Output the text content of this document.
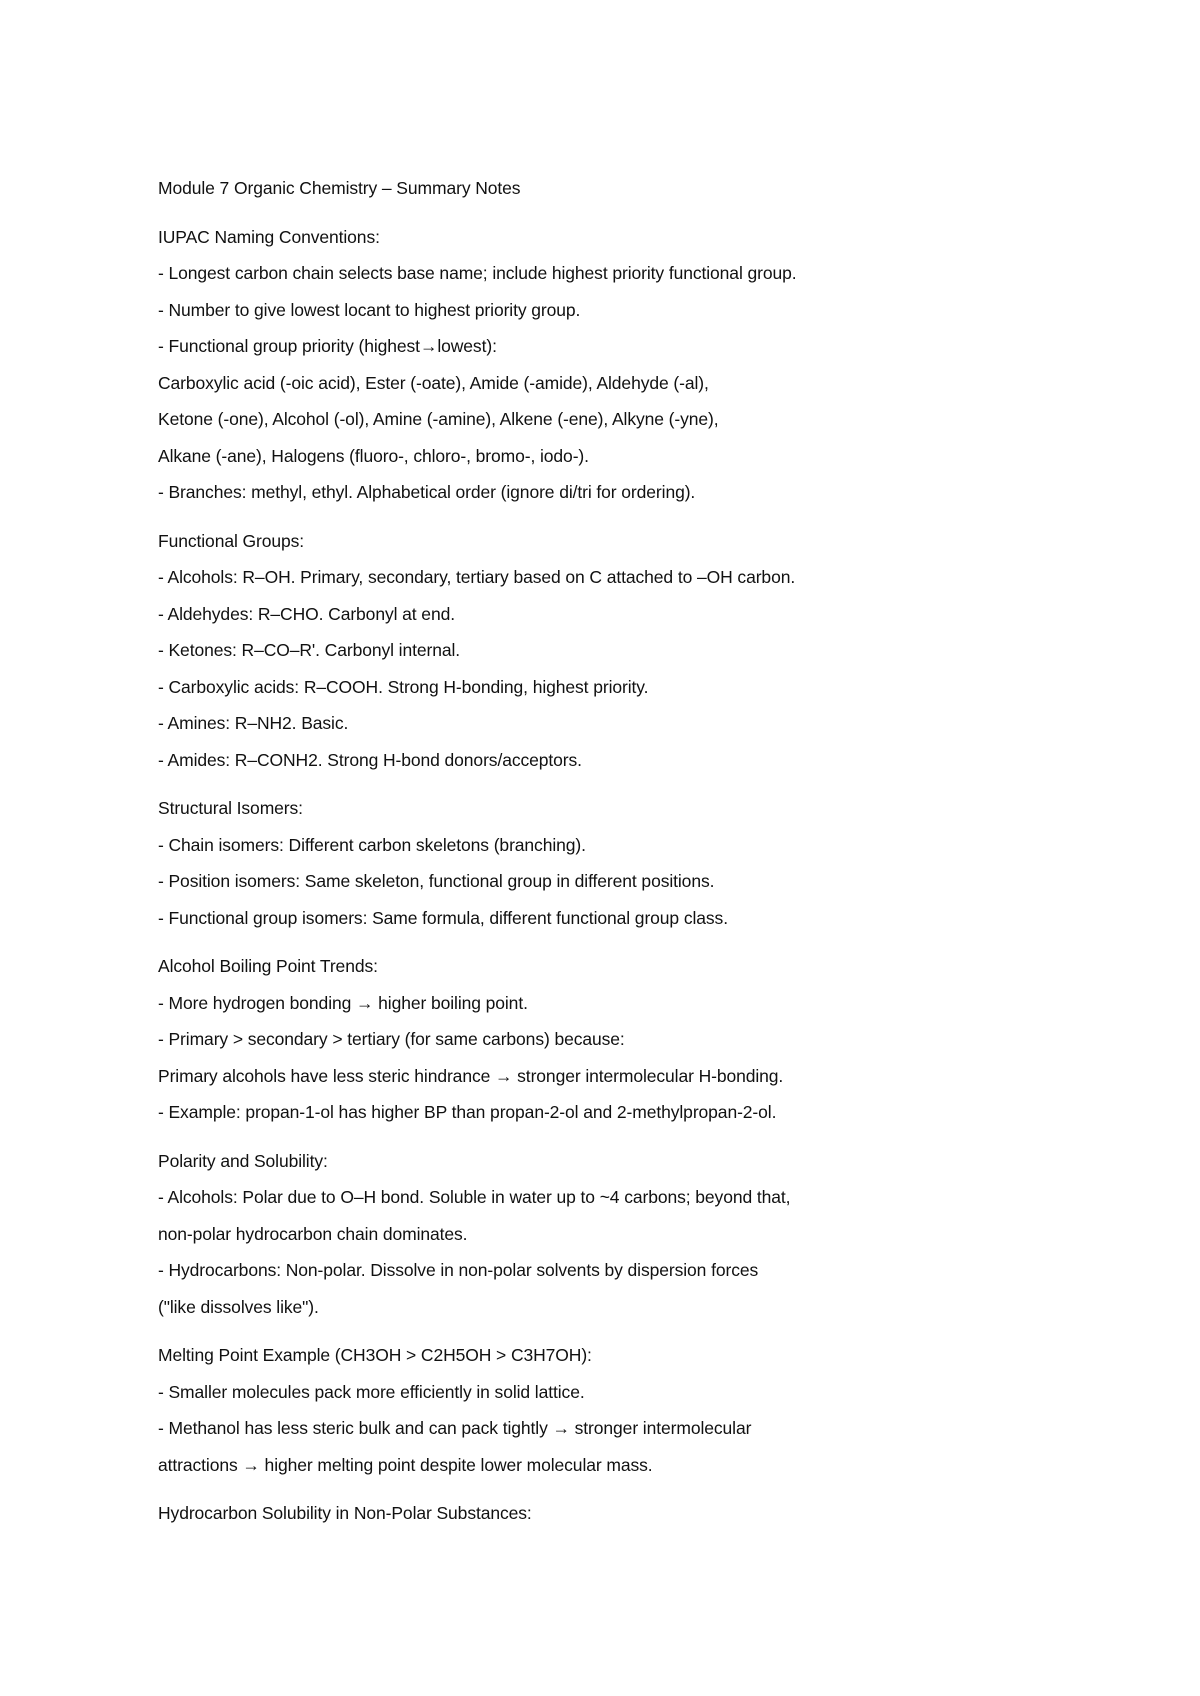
Module 7 Organic Chemistry – Summary Notes
IUPAC Naming Conventions:
- Longest carbon chain selects base name; include highest priority functional group.
- Number to give lowest locant to highest priority group.
- Functional group priority (highest→lowest):
Carboxylic acid (-oic acid), Ester (-oate), Amide (-amide), Aldehyde (-al),
Ketone (-one), Alcohol (-ol), Amine (-amine), Alkene (-ene), Alkyne (-yne),
Alkane (-ane), Halogens (fluoro-, chloro-, bromo-, iodo-).
- Branches: methyl, ethyl. Alphabetical order (ignore di/tri for ordering).
Functional Groups:
- Alcohols: R–OH. Primary, secondary, tertiary based on C attached to –OH carbon.
- Aldehydes: R–CHO. Carbonyl at end.
- Ketones: R–CO–R'. Carbonyl internal.
- Carboxylic acids: R–COOH. Strong H-bonding, highest priority.
- Amines: R–NH2. Basic.
- Amides: R–CONH2. Strong H-bond donors/acceptors.
Structural Isomers:
- Chain isomers: Different carbon skeletons (branching).
- Position isomers: Same skeleton, functional group in different positions.
- Functional group isomers: Same formula, different functional group class.
Alcohol Boiling Point Trends:
- More hydrogen bonding → higher boiling point.
- Primary > secondary > tertiary (for same carbons) because:
Primary alcohols have less steric hindrance → stronger intermolecular H-bonding.
- Example: propan-1-ol has higher BP than propan-2-ol and 2-methylpropan-2-ol.
Polarity and Solubility:
- Alcohols: Polar due to O–H bond. Soluble in water up to ~4 carbons; beyond that,
non-polar hydrocarbon chain dominates.
- Hydrocarbons: Non-polar. Dissolve in non-polar solvents by dispersion forces
("like dissolves like").
Melting Point Example (CH3OH > C2H5OH > C3H7OH):
- Smaller molecules pack more efficiently in solid lattice.
- Methanol has less steric bulk and can pack tightly → stronger intermolecular
attractions → higher melting point despite lower molecular mass.
Hydrocarbon Solubility in Non-Polar Substances:
